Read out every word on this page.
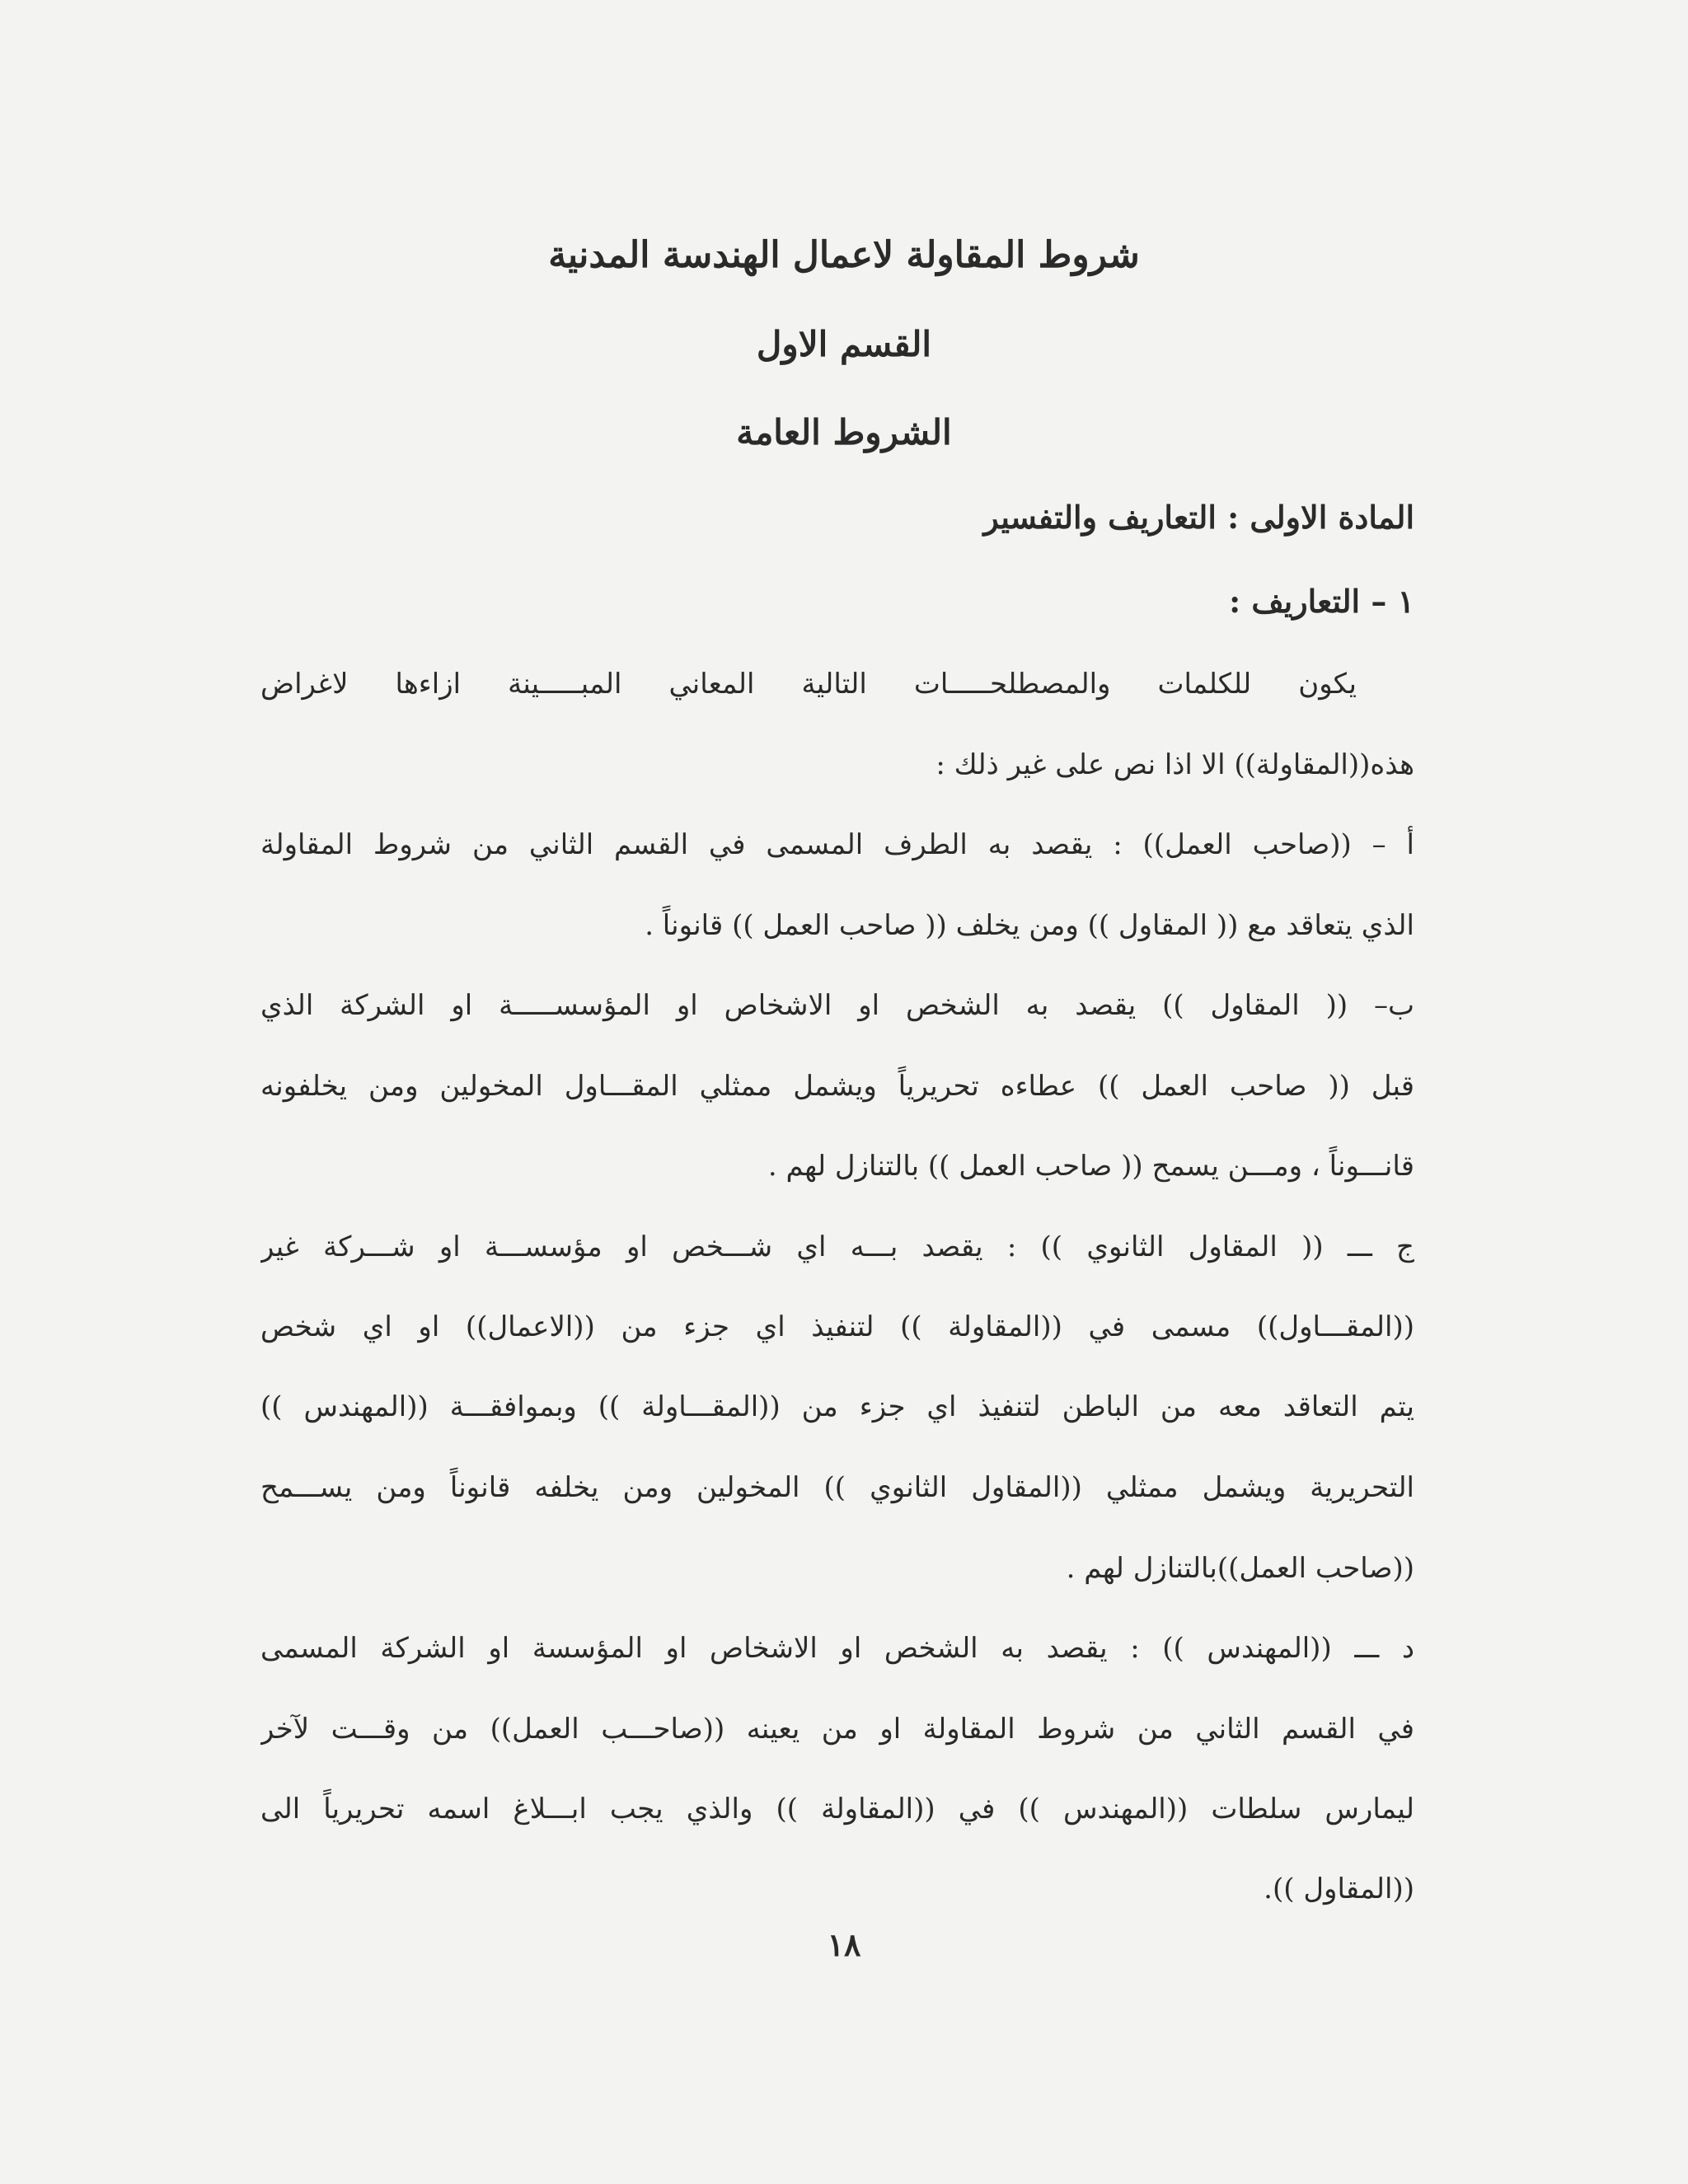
شروط المقاولة لاعمال الهندسة المدنية
القسم الاول
الشروط العامة
المادة الاولى : التعاريف والتفسير
١ – التعاريف :
يكون للكلمات والمصطلحـــــات التالية المعاني المبـــــينة ازاءها لاغراض
هذه((المقاولة)) الا اذا نص على غير ذلك :
أ – ((صاحب العمل)) : يقصد به الطرف المسمى في القسم الثاني من شروط المقاولة
الذي يتعاقد مع (( المقاول )) ومن يخلف (( صاحب العمل )) قانوناً .
ب– (( المقاول )) يقصد به الشخص او الاشخاص او المؤسســـــة او الشركة الذي
قبل (( صاحب العمل )) عطاءه تحريرياً ويشمل ممثلي المقـــاول المخولين ومن يخلفونه
قانـــوناً ، ومـــن يسمح (( صاحب العمل )) بالتنازل لهم .
ج ـــ (( المقاول الثانوي )) : يقصد بـــه اي شـــخص او مؤسســـة او شـــركة غير
((المقـــاول)) مسمى في ((المقاولة )) لتنفيذ اي جزء من ((الاعمال)) او اي شخص
يتم التعاقد معه من الباطن لتنفيذ اي جزء من ((المقـــاولة )) وبموافقـــة ((المهندس ))
التحريرية ويشمل ممثلي ((المقاول الثانوي )) المخولين ومن يخلفه قانوناً ومن يســـمح
((صاحب العمل))بالتنازل لهم .
د ـــ ((المهندس )) : يقصد به الشخص او الاشخاص او المؤسسة او الشركة المسمى
في القسم الثاني من شروط المقاولة او من يعينه ((صاحـــب العمل)) من وقـــت لآخر
ليمارس سلطات ((المهندس )) في ((المقاولة )) والذي يجب ابـــلاغ اسمه تحريرياً الى
((المقاول )).
١٨
